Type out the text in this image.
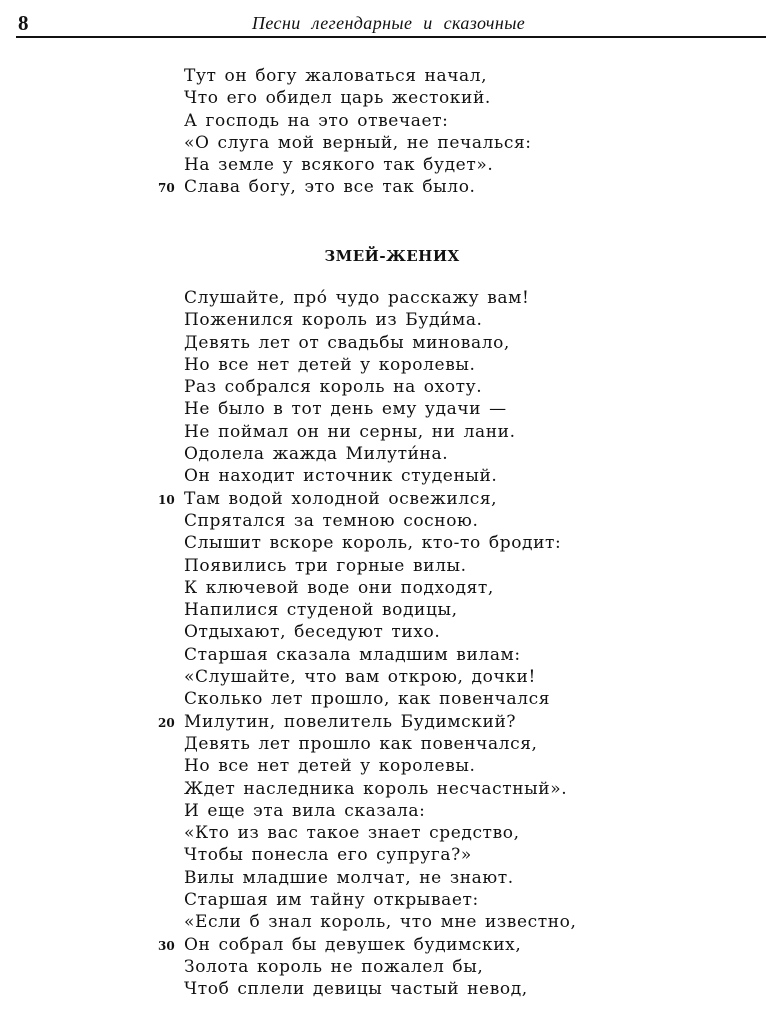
8	Песни легендарные и сказочные
Тут он богу жаловаться начал,
Что его обидел царь жестокий.
А господь на это отвечает:
«О слуга мой верный, не печалься:
На земле у всякого так будет».
70 Слава богу, это все так было.
ЗМЕЙ-ЖЕНИХ
Слушайте, про́ чудо расскажу вам!
Поженился король из Буди́ма.
Девять лет от свадьбы миновало,
Но все нет детей у королевы.
Раз собрался король на охоту.
Не было в тот день ему удачи —
Не поймал он ни серны, ни лани.
Одолела жажда Милути́на.
Он находит источник студеный.
10 Там водой холодной освежился,
Спрятался за темною сосною.
Слышит вскоре король, кто-то бродит:
Появились три горные вилы.
К ключевой воде они подходят,
Напилися студеной водицы,
Отдыхают, беседуют тихо.
Старшая сказала младшим вилам:
«Слушайте, что вам открою, дочки!
Сколько лет прошло, как повенчался
20 Милутин, повелитель Будимский?
Девять лет прошло как повенчался,
Но все нет детей у королевы.
Ждет наследника король несчастный».
И еще эта вила сказала:
«Кто из вас такое знает средство,
Чтобы понесла его супруга?»
Вилы младшие молчат, не знают.
Старшая им тайну открывает:
«Если б знал король, что мне известно,
30 Он собрал бы девушек будимских,
Золота король не пожалел бы,
Чтоб сплели девицы частый невод,
